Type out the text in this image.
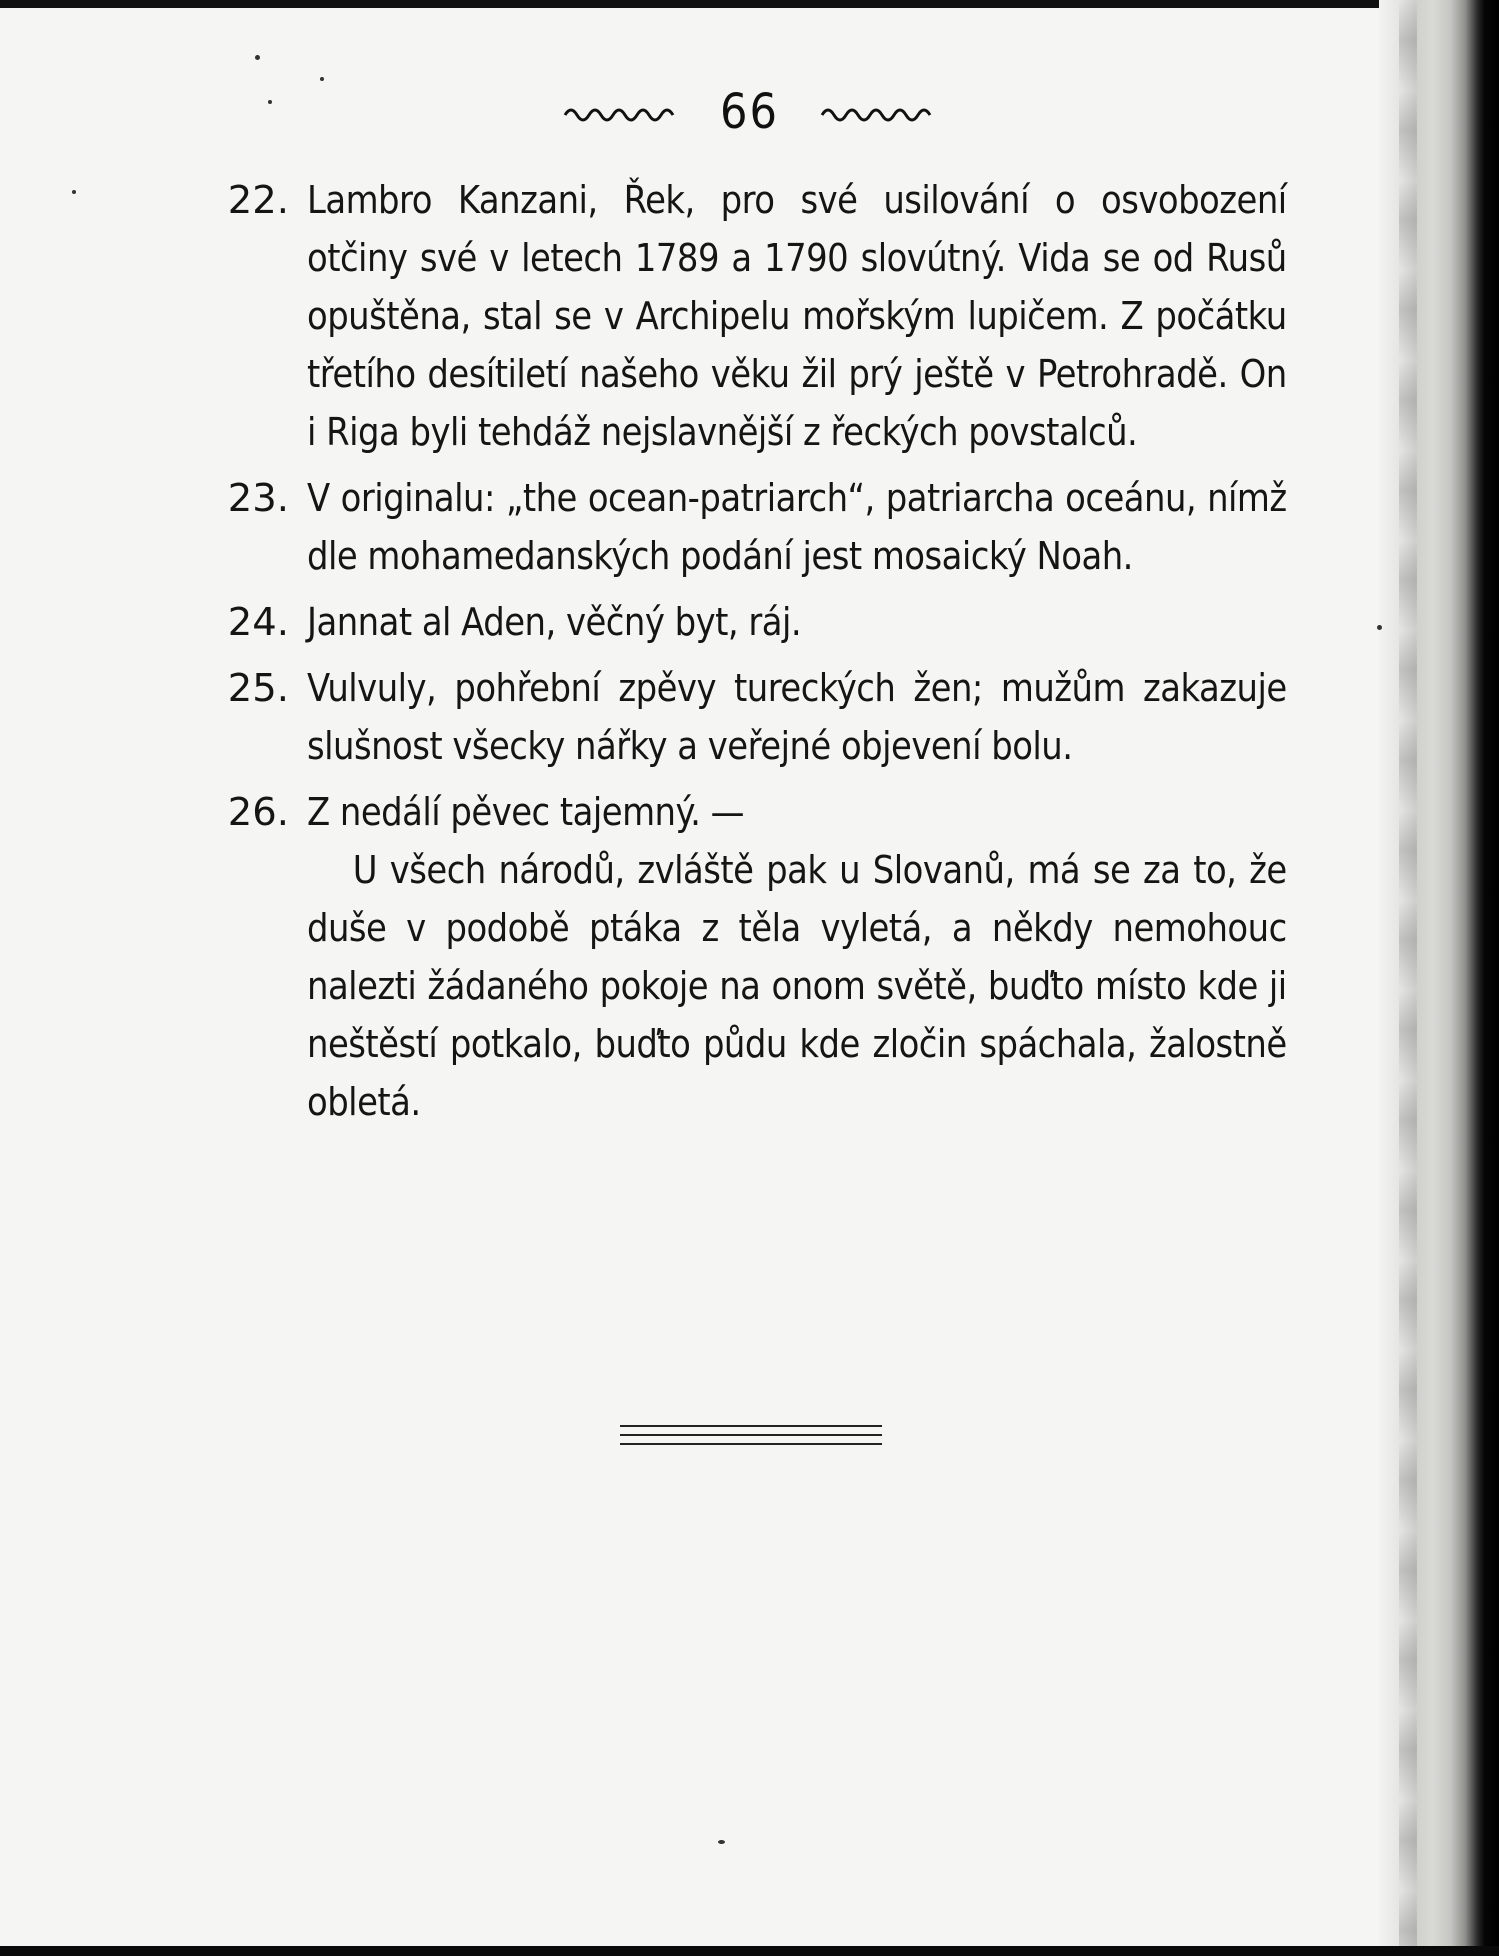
66
22. Lambro Kanzani, Řek, pro své usilování o osvobození otčiny své v letech 1789 a 1790 slovútný. Vida se od Rusů opuštěna, stal se v Archipelu mořským lupičem. Z počátku třetího desítiletí našeho věku žil prý ještě v Petrohradě. On i Riga byli tehdáž nejslavnější z řeckých povstalců.

23. V originalu: „the ocean-patriarch“, patriarcha oceánu, nímž dle mohamedanských podání jest mosaický Noah.

24. Jannat al Aden, věčný byt, ráj.

25. Vulvuly, pohřební zpěvy tureckých žen; mužům zakazuje slušnost všecky nářky a veřejné objevení bolu.

26. Z nedálí pěvec tajemný. —

U všech národů, zvláště pak u Slovanů, má se za to, že duše v podobě ptáka z těla vyletá, a někdy nemohouc nalezti žádaného pokoje na onom světě, buďto místo kde ji neštěstí potkalo, buďto půdu kde zločin spáchala, žalostně obletá.
